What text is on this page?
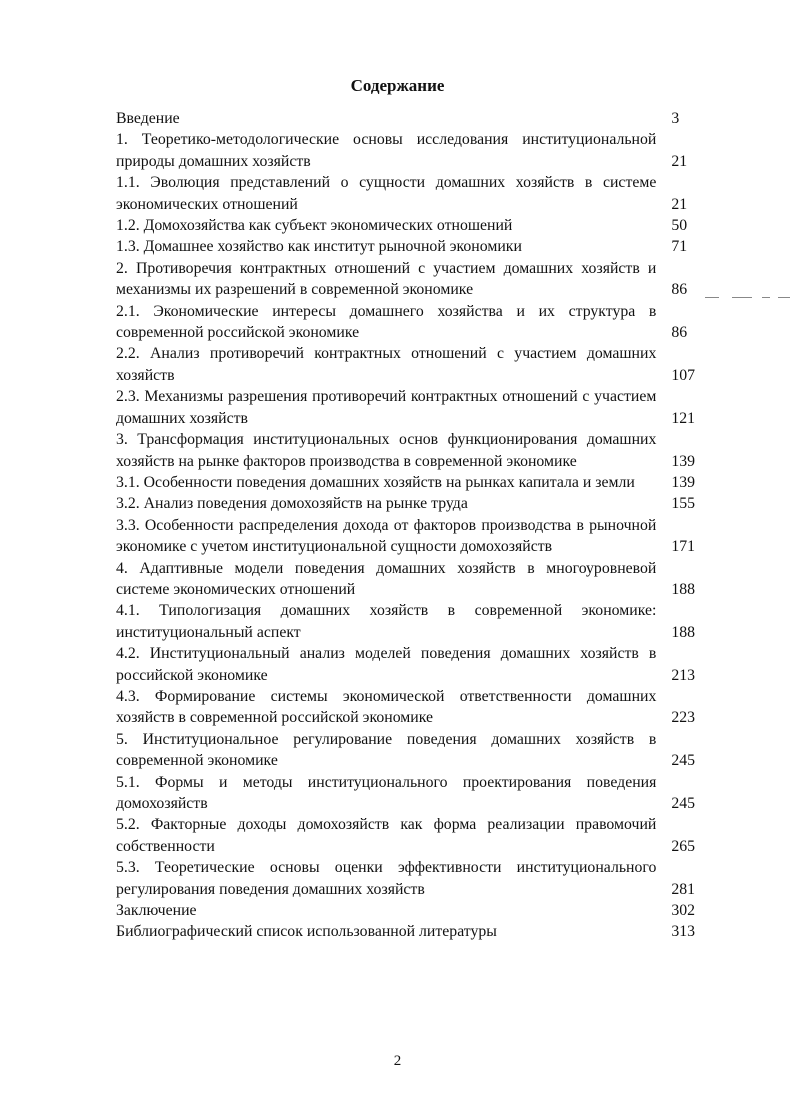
Содержание
Введение	3
1. Теоретико-методологические основы исследования институциональной природы домашних хозяйств	21
1.1. Эволюция представлений о сущности домашних хозяйств в системе экономических отношений	21
1.2. Домохозяйства как субъект экономических отношений	50
1.3. Домашнее хозяйство как институт рыночной экономики	71
2. Противоречия контрактных отношений с участием домашних хозяйств и механизмы их разрешений в современной экономике	86
2.1. Экономические интересы домашнего хозяйства и их структура в современной российской экономике	86
2.2. Анализ противоречий контрактных отношений с участием домашних хозяйств	107
2.3. Механизмы разрешения противоречий контрактных отношений с участием домашних хозяйств	121
3. Трансформация институциональных основ функционирования домашних хозяйств на рынке факторов производства в современной экономике	139
3.1. Особенности поведения домашних хозяйств на рынках капитала и земли	139
3.2. Анализ поведения домохозяйств на рынке труда	155
3.3. Особенности распределения дохода от факторов производства в рыночной экономике с учетом институциональной сущности домохозяйств	171
4. Адаптивные модели поведения домашних хозяйств в многоуровневой системе экономических отношений	188
4.1. Типологизация домашних хозяйств в современной экономике: институциональный аспект	188
4.2. Институциональный анализ моделей поведения домашних хозяйств в российской экономике	213
4.3. Формирование системы экономической ответственности домашних хозяйств в современной российской экономике	223
5. Институциональное регулирование поведения домашних хозяйств в современной экономике	245
5.1. Формы и методы институционального проектирования поведения домохозяйств	245
5.2. Факторные доходы домохозяйств как форма реализации правомочий собственности	265
5.3. Теоретические основы оценки эффективности институционального регулирования поведения домашних хозяйств	281
Заключение	302
Библиографический список использованной литературы	313
2
